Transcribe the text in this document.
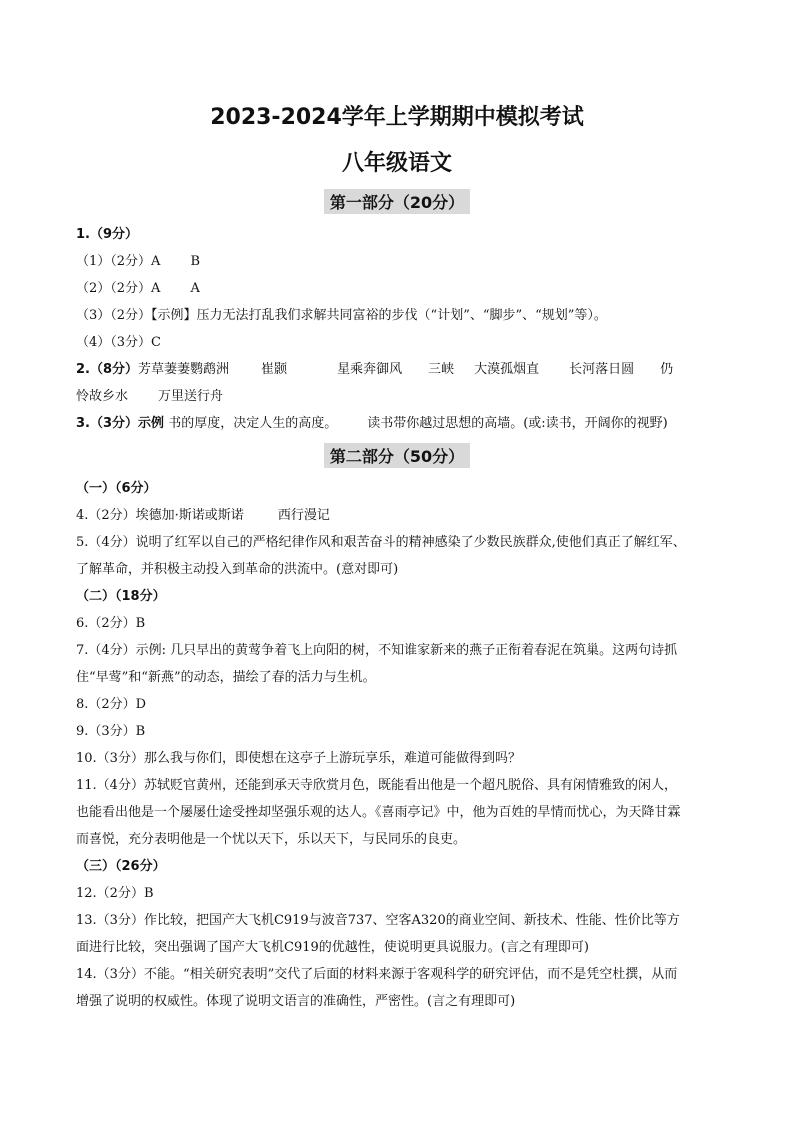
2023-2024学年上学期期中模拟考试
八年级语文
第一部分（20分）
1.（9分）
（1）（2分）A B
（2）（2分）A A
（3）（2分）【示例】压力无法打乱我们求解共同富裕的步伐（“计划”、“脚步”、“规划”等）。
（4）（3分）C
2.（8分）芳草萋萋鹦鹉洲 崔颢	星乘奔御风 三峡 大漠孤烟直 长河落日圆 仍
怜故乡水 万里送行舟
3.（3分）示例 书的厚度，决定人生的高度。 读书带你越过思想的高墙。(或:读书，开阔你的视野)
第二部分（50分）
（一）（6分）
4.（2分）埃德加·斯诺或斯诺	西行漫记
5.（4分）说明了红军以自己的严格纪律作风和艰苦奋斗的精神感染了少数民族群众,使他们真正了解红军、
了解革命，并积极主动投入到革命的洪流中。(意对即可)
（二）（18分）
6.（2分）B
7.（4分）示例: 几只早出的黄莺争着飞上向阳的树，不知谁家新来的燕子正衔着春泥在筑巢。这两句诗抓
住“早莺”和“新燕”的动态，描绘了春的活力与生机。
8.（2分）D
9.（3分）B
10.（3分）那么我与你们，即使想在这亭子上游玩享乐，难道可能做得到吗？
11.（4分）苏轼贬官黄州，还能到承天寺欣赏月色，既能看出他是一个超凡脱俗、具有闲情雅致的闲人，
也能看出他是一个屡屡仕途受挫却坚强乐观的达人。《喜雨亭记》中，他为百姓的旱情而忧心，为天降甘霖
而喜悦，充分表明他是一个忧以天下，乐以天下，与民同乐的良吏。
（三）（26分）
12.（2分）B
13.（3分）作比较，把国产大飞机C919与波音737、空客A320的商业空间、新技术、性能、性价比等方
面进行比较，突出强调了国产大飞机C919的优越性，使说明更具说服力。(言之有理即可)
14.（3分）不能。“相关研究表明”交代了后面的材料来源于客观科学的研究评估，而不是凭空杜撰，从而
增强了说明的权威性。体现了说明文语言的准确性，严密性。(言之有理即可)
